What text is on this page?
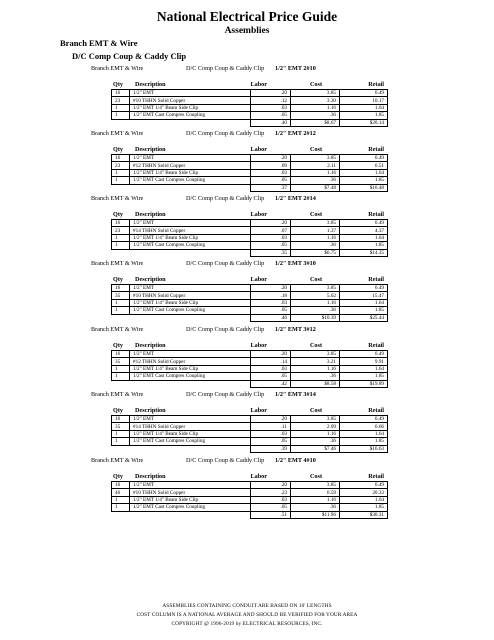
National Electrical Price Guide
Assemblies
Branch EMT & Wire
D/C Comp Coup & Caddy Clip
Branch EMT & Wire	D/C Comp Coup & Caddy Clip 1/2" EMT 2#10
Qty Description	Labor	Cost	Retail
16	1/2" EMT	.20	3.85	6.49
23	#10 THHN Solid Copper	.12	3.30	10.17
1	1/2" EMT 1/4" Beam Side Clip	.03	1.16	1.64
1	1/2" EMT Cast Compres Coupling	.05	.36	1.85
		.40	$8.67	$20.14
Branch EMT & Wire	D/C Comp Coup & Caddy Clip 1/2" EMT 2#12
Qty Description	Labor	Cost	Retail
16	1/2" EMT	.20	3.85	6.49
23	#12 THHN Solid Copper	.09	2.11	6.51
1	1/2" EMT 1/4" Beam Side Clip	.03	1.16	1.64
1	1/2" EMT Cast Compres Coupling	.05	.36	1.85
		.37	$7.48	$16.48
Branch EMT & Wire	D/C Comp Coup & Caddy Clip 1/2" EMT 2#14
Qty Description	Labor	Cost	Retail
16	1/2" EMT	.20	3.85	6.49
23	#14 THHN Solid Copper	.07	1.37	4.37
1	1/2" EMT 1/4" Beam Side Clip	.03	1.16	1.64
1	1/2" EMT Cast Compres Coupling	.05	.36	1.85
		.35	$6.75	$14.35
Branch EMT & Wire	D/C Comp Coup & Caddy Clip 1/2" EMT 3#10
Qty Description	Labor	Cost	Retail
16	1/2" EMT	.20	3.85	6.49
35	#10 THHN Solid Copper	.18	5.02	15.47
1	1/2" EMT 1/4" Beam Side Clip	.03	1.16	1.64
1	1/2" EMT Cast Compres Coupling	.05	.36	1.85
		.46	$10.39	$25.44
Branch EMT & Wire	D/C Comp Coup & Caddy Clip 1/2" EMT 3#12
Qty Description	Labor	Cost	Retail
16	1/2" EMT	.20	3.85	6.49
35	#12 THHN Solid Copper	.14	3.21	9.91
1	1/2" EMT 1/4" Beam Side Clip	.03	1.16	1.64
1	1/2" EMT Cast Compres Coupling	.05	.36	1.85
		.42	$8.58	$19.89
Branch EMT & Wire	D/C Comp Coup & Caddy Clip 1/2" EMT 3#14
Qty Description	Labor	Cost	Retail
16	1/2" EMT	.20	3.85	6.49
35	#14 THHN Solid Copper	.11	2.09	6.66
1	1/2" EMT 1/4" Beam Side Clip	.03	1.16	1.64
1	1/2" EMT Cast Compres Coupling	.05	.36	1.85
		.39	$7.46	$16.63
Branch EMT & Wire	D/C Comp Coup & Caddy Clip 1/2" EMT 4#10
Qty Description	Labor	Cost	Retail
16	1/2" EMT	.20	3.85	6.49
46	#10 THHN Solid Copper	.23	6.59	20.33
1	1/2" EMT 1/4" Beam Side Clip	.03	1.16	1.64
1	1/2" EMT Cast Compres Coupling	.05	.36	1.85
		.51	$11.96	$30.31
ASSEMBLIES CONTAINING CONDUIT ARE BASED ON 10' LENGTHS
COST COLUMN IS A NATIONAL AVERAGE AND SHOULD BE VERIFIED FOR YOUR AREA
COPYRIGHT @ 1996-2019 by ELECTRICAL RESOURCES, INC.
